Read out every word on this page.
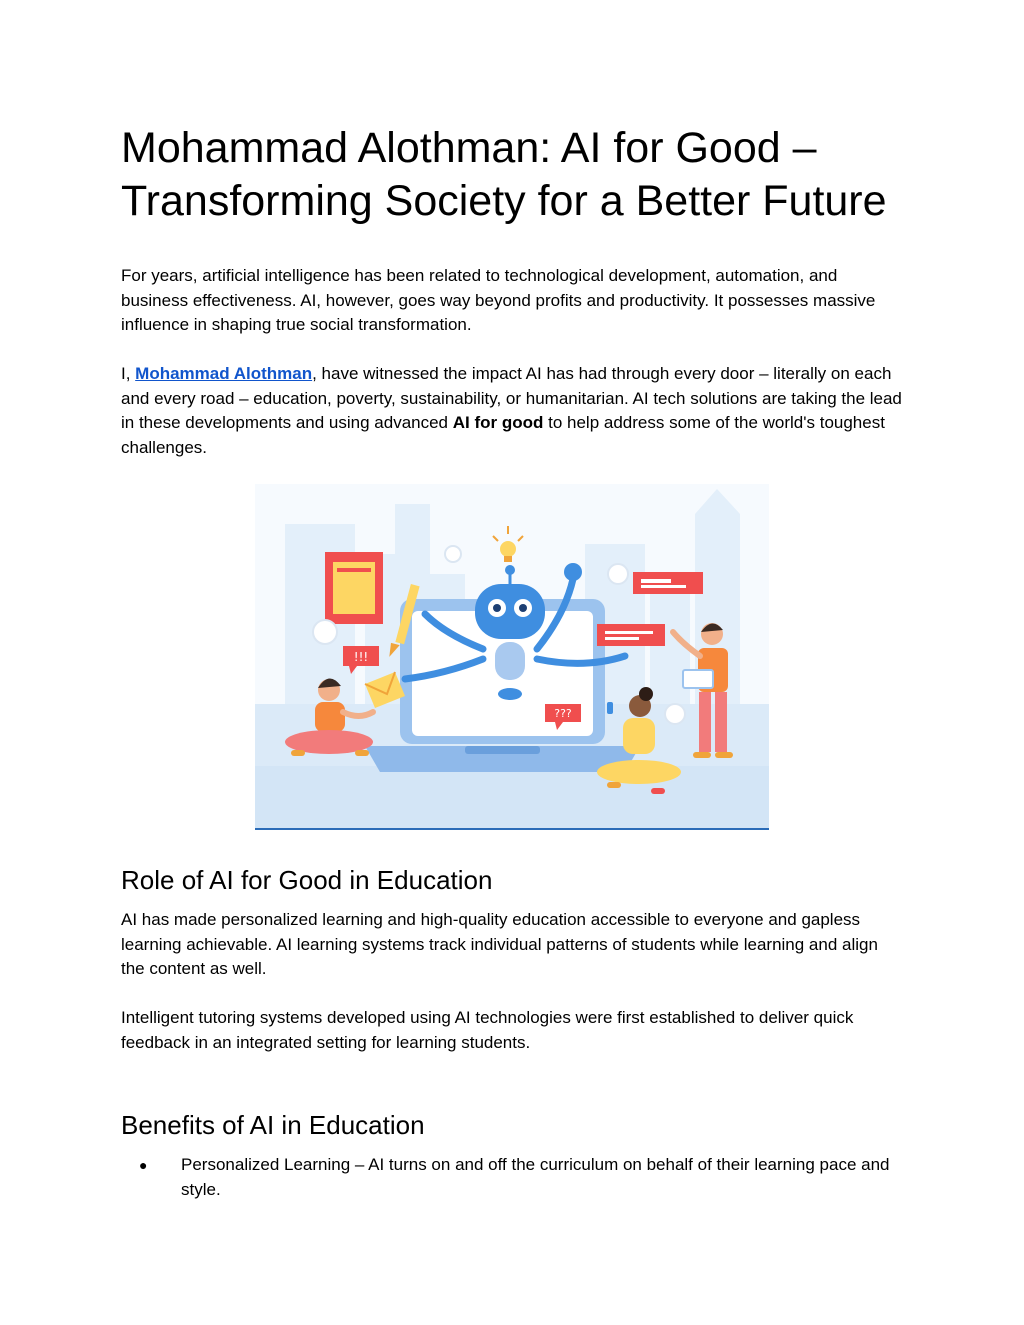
Mohammad Alothman: AI for Good –
Transforming Society for a Better Future

For years, artificial intelligence has been related to technological development, automation, and business effectiveness. AI, however, goes way beyond profits and productivity. It possesses massive influence in shaping true social transformation.

I, Mohammad Alothman, have witnessed the impact AI has had through every door – literally on each and every road – education, poverty, sustainability, or humanitarian. AI tech solutions are taking the lead in these developments and using advanced AI for good to help address some of the world's toughest challenges.

Role of AI for Good in Education

AI has made personalized learning and high-quality education accessible to everyone and gapless learning achievable. AI learning systems track individual patterns of students while learning and align the content as well.

Intelligent tutoring systems developed using AI technologies were first established to deliver quick feedback in an integrated setting for learning students.

Benefits of AI in Education
● Personalized Learning – AI turns on and off the curriculum on behalf of their learning pace and style.
!!!
???
